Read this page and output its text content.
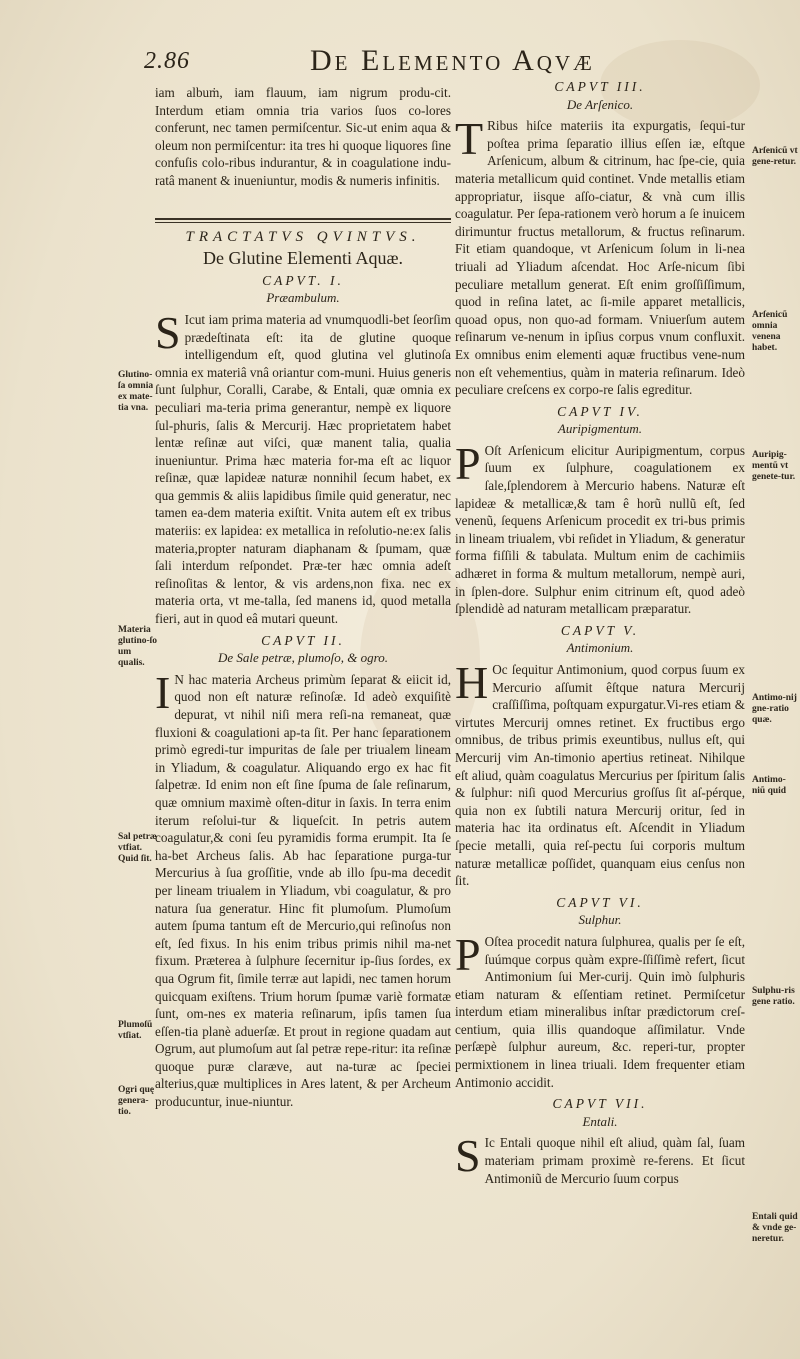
2.86	De Elemento Aqvæ

iam albuṁ, iam flauum, iam nigrum produ-cit. Interdum etiam omnia tria varios ſuos co-lores conferunt, nec tamen permiſcentur. Sic-ut enim aqua & oleum non permiſcentur: ita tres hi quoque liquores ſine confuſis colo-ribus indurantur, & in coagulatione indu-ratâ manent & inueniuntur, modis & numeris infinitis.

TRACTATVS QVINTVS.
De Glutine Elementi Aquæ.
CAPVT. I.
Præambulum.

S Icut iam prima materia ad vnumquodli-bet ſeorſim prædeſtinata eſt: ita de glutine quoque intelligendum eſt, quod glutina vel glutinoſa omnia ex materiâ vnâ oriantur com-muni. Huius generis ſunt ſulphur, Coralli, Carabe, & Entali, quæ omnia ex peculiari ma-teria prima generantur, nempè ex liquore ſul-phuris, ſalis & Mercurij. Hæc proprietatem habet lentæ reſinæ aut viſci, quæ manent talia, qualia inueniuntur. Prima hæc materia for-ma eſt ac liquor reſinæ, quæ lapideæ naturæ nonnihil ſecum habet, ex qua gemmis & aliis lapidibus ſimile quid generatur, nec tamen ea-dem materia exiſtit. Vnita autem eſt ex tribus materiis: ex lapidea: ex metallica in reſolutio-ne:ex ſalis materia,propter naturam diaphanam & ſpumam, quæ ſali interdum reſpondet. Præ-ter hæc omnia adeſt reſinoſitas & lentor, & vis ardens,non fixa. nec ex materia orta, vt me-talla, ſed manens id, quod metalla fieri, aut in quod eâ mutari queunt.

CAPVT II.
De Sale petræ, plumoſo, & ogro.

I N hac materia Archeus primùm ſeparat & eiicit id, quod non eſt naturæ reſinoſæ. Id adeò exquiſitè depurat, vt nihil niſi mera reſi-na remaneat, quæ fluxioni & coagulationi ap-ta ſit. Per hanc ſeparationem primò egredi-tur impuritas de ſale per triualem lineam in Yliadum, & coagulatur. Aliquando ergo ex hac fit ſalpetræ. Id enim non eſt ſine ſpuma de ſale reſinarum, quæ omnium maximè oſten-ditur in ſaxis. In terra enim iterum reſolui-tur & liqueſcit. In petris autem coagulatur,& coni ſeu pyramidis forma erumpit. Ita ſe ha-bet Archeus ſalis. Ab hac ſeparatione purga-tur Mercurius à ſua groſſitie, vnde ab illo ſpu-ma decedit per lineam triualem in Yliadum, vbi coagulatur, & pro natura ſua generatur. Hinc fit plumoſum. Plumoſum autem ſpuma tantum eſt de Mercurio,qui reſinoſus non eſt, ſed fixus. In his enim tribus primis nihil ma-net fixum. Præterea à ſulphure ſecernitur ip-ſius ſordes, ex qua Ogrum fit, ſimile terræ aut lapidi, nec tamen horum quicquam exiſtens. Trium horum ſpumæ variè formatæ ſunt, om-nes ex materia reſinarum, ipſis tamen ſua eſſen-tia planè aduerſæ. Et prout in regione quadam aut Ogrum, aut plumoſum aut ſal petræ repe-ritur: ita reſinæ quoque puræ claræve, aut na-turæ ac ſpeciei alterius,quæ multiplices in Ares latent, & per Archeum producuntur, inue-niuntur.

CAPVT III.
De Arſenico.

T Ribus hiſce materiis ita expurgatis, ſequi-tur poſtea prima ſeparatio illius eſſen iæ, eſtque Arſenicum, album & citrinum, hac ſpe-cie, quia materia metallicum quid continet. Vnde metallis etiam appropriatur, iisque aſſo-ciatur, & vnà cum illis coagulatur. Per ſepa-rationem verò horum a ſe inuicem dirimuntur fructus metallorum, & fructus reſinarum. Fit etiam quandoque, vt Arſenicum ſolum in li-nea triuali ad Yliadum aſcendat. Hoc Arſe-nicum ſibi peculiare metallum generat. Eſt enim groſſiſſimum, quod in reſina latet, ac ſi-mile apparet metallicis, quoad opus, non quo-ad formam. Vniuerſum autem reſinarum ve-nenum in ipſius corpus vnum confluxit. Ex omnibus enim elementi aquæ fructibus vene-num non eſt vehementius, quàm in materia reſinarum. Ideò peculiare creſcens ex corpo-re ſalis egreditur.

CAPVT IV.
Auripigmentum.

P Oſt Arſenicum elicitur Auripigmentum, corpus ſuum ex ſulphure, coagulationem ex ſale,ſplendorem à Mercurio habens. Naturæ eſt lapideæ & metallicæ,& tam ê horũ nullũ eſt, ſed venenũ, ſequens Arſenicum procedit ex tri-bus primis in lineam triualem, vbi reſidet in Yliadum, & generatur forma fiſſili & tabulata. Multum enim de cachimiis adhæret in forma & multum metallorum, nempè auri, in ſplen-dore. Sulphur enim citrinum eſt, quod adeò ſplendidè ad naturam metallicam præparatur.

CAPVT V.
Antimonium.

H Oc ſequitur Antimonium, quod corpus ſuum ex Mercurio aſſumit êſtque natura Mercurij craſſiſſima, poſtquam expurgatur.Vi-res etiam & virtutes Mercurij omnes retinet. Ex fructibus ergo omnibus, de tribus primis exeuntibus, nullus eſt, qui Mercurij vim An-timonio apertius retineat. Nihilque eſt aliud, quàm coagulatus Mercurius per ſpiritum ſalis & ſulphur: niſi quod Mercurius groſſus ſit aſ-pérque, quia non ex ſubtili natura Mercurij oritur, ſed in materia hac ita ordinatus eſt. Aſcendit in Yliadum ſpecie metalli, quia reſ-pectu ſui corporis multum naturæ metallicæ poſſidet, quanquam eius cenſus non ſit.

CAPVT VI.
Sulphur.

P Oſtea procedit natura ſulphurea, qualis per ſe eſt, ſuúmque corpus quàm expre-ſſiſſimè refert, ſicut Antimonium ſui Mer-curij. Quin imò ſulphuris etiam naturam & eſſentiam retinet. Permiſcetur interdum etiam mineralibus inſtar prædictorum creſ-centium, quia illis quandoque aſſimilatur. Vnde perſæpè ſulphur aureum, &c. reperi-tur, propter permixtionem in linea triuali. Idem frequenter etiam Antimonio accidit.

CAPVT VII.
Entali.

S Ic Entali quoque nihil eſt aliud, quàm ſal, ſuam materiam primam proximè re-ferens. Et ſicut Antimoniũ de Mercurio ſuum corpus

Glutino-ſa omnia ex mate-tia vna.
Materia glutino-ſo um qualis.
Sal petræ vtfiat. Quid ſit.
Plumoſũ vtſiat.
Ogri quę genera-tio.
Arſenicũ vt gene-retur.
Arſenicũ omnia venena habet.
Auripig-mentũ vt genete-tur.
Antimo-nij gne-ratio quæ.
Antimo-niũ quid
Sulphu-ris gene ratio.
Entali quid & vnde ge-neretur.
